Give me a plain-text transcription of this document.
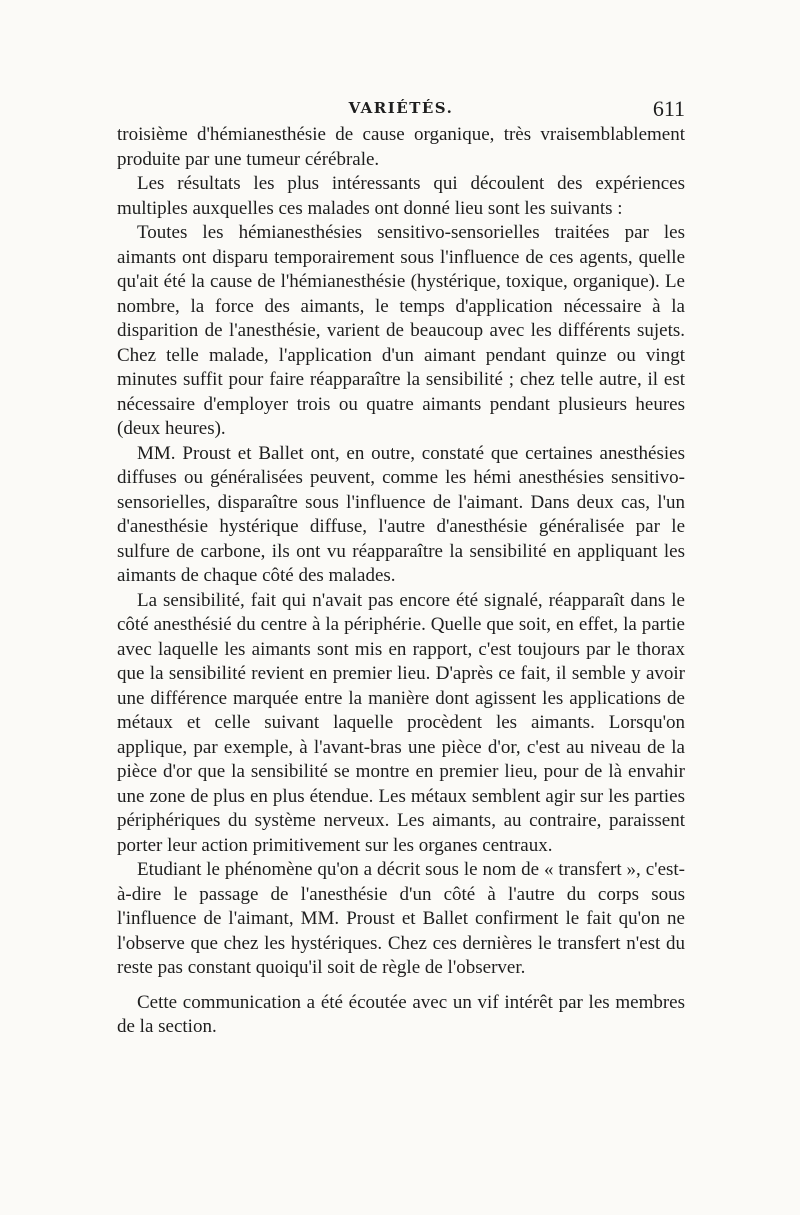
VARIÉTÉS.	611

troisième d'hémianesthésie de cause organique, très vraisemblablement produite par une tumeur cérébrale.

Les résultats les plus intéressants qui découlent des expériences multiples auxquelles ces malades ont donné lieu sont les suivants :

Toutes les hémianesthésies sensitivo-sensorielles traitées par les aimants ont disparu temporairement sous l'influence de ces agents, quelle qu'ait été la cause de l'hémianesthésie (hystérique, toxique, organique). Le nombre, la force des aimants, le temps d'application nécessaire à la disparition de l'anesthésie, varient de beaucoup avec les différents sujets. Chez telle malade, l'application d'un aimant pendant quinze ou vingt minutes suffit pour faire réapparaître la sensibilité ; chez telle autre, il est nécessaire d'employer trois ou quatre aimants pendant plusieurs heures (deux heures).

MM. Proust et Ballet ont, en outre, constaté que certaines anesthésies diffuses ou généralisées peuvent, comme les hémi anesthésies sensitivo-sensorielles, disparaître sous l'influence de l'aimant. Dans deux cas, l'un d'anesthésie hystérique diffuse, l'autre d'anesthésie généralisée par le sulfure de carbone, ils ont vu réapparaître la sensibilité en appliquant les aimants de chaque côté des malades.

La sensibilité, fait qui n'avait pas encore été signalé, réapparaît dans le côté anesthésié du centre à la périphérie. Quelle que soit, en effet, la partie avec laquelle les aimants sont mis en rapport, c'est toujours par le thorax que la sensibilité revient en premier lieu. D'après ce fait, il semble y avoir une différence marquée entre la manière dont agissent les applications de métaux et celle suivant laquelle procèdent les aimants. Lorsqu'on applique, par exemple, à l'avant-bras une pièce d'or, c'est au niveau de la pièce d'or que la sensibilité se montre en premier lieu, pour de là envahir une zone de plus en plus étendue. Les métaux semblent agir sur les parties périphériques du système nerveux. Les aimants, au contraire, paraissent porter leur action primitivement sur les organes centraux.

Etudiant le phénomène qu'on a décrit sous le nom de « transfert », c'est-à-dire le passage de l'anesthésie d'un côté à l'autre du corps sous l'influence de l'aimant, MM. Proust et Ballet confirment le fait qu'on ne l'observe que chez les hystériques. Chez ces dernières le transfert n'est du reste pas constant quoiqu'il soit de règle de l'observer.

Cette communication a été écoutée avec un vif intérêt par les membres de la section.
